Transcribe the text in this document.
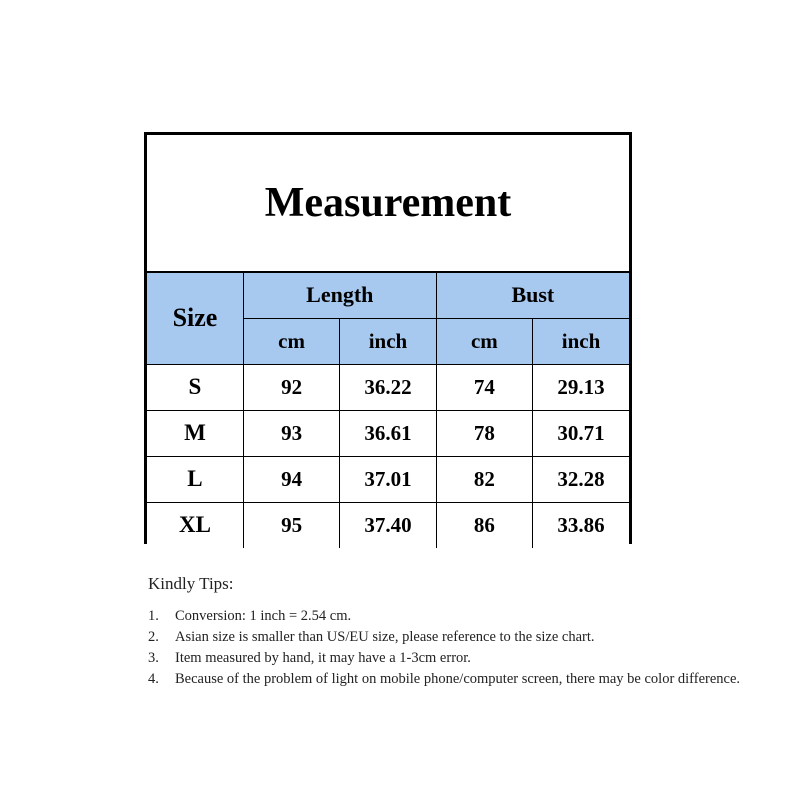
Measurement				
Size	Length		Bust	
	cm	inch	cm	inch
S	92	36.22	74	29.13
M	93	36.61	78	30.71
L	94	37.01	82	32.28
XL	95	37.40	86	33.86
Kindly Tips:
1.	Conversion: 1 inch = 2.54 cm.
2.	Asian size is smaller than US/EU size, please reference to the size chart.
3.	Item measured by hand, it may have a 1-3cm error.
4.	Because of the problem of light on mobile phone/computer screen, there may be color difference.
